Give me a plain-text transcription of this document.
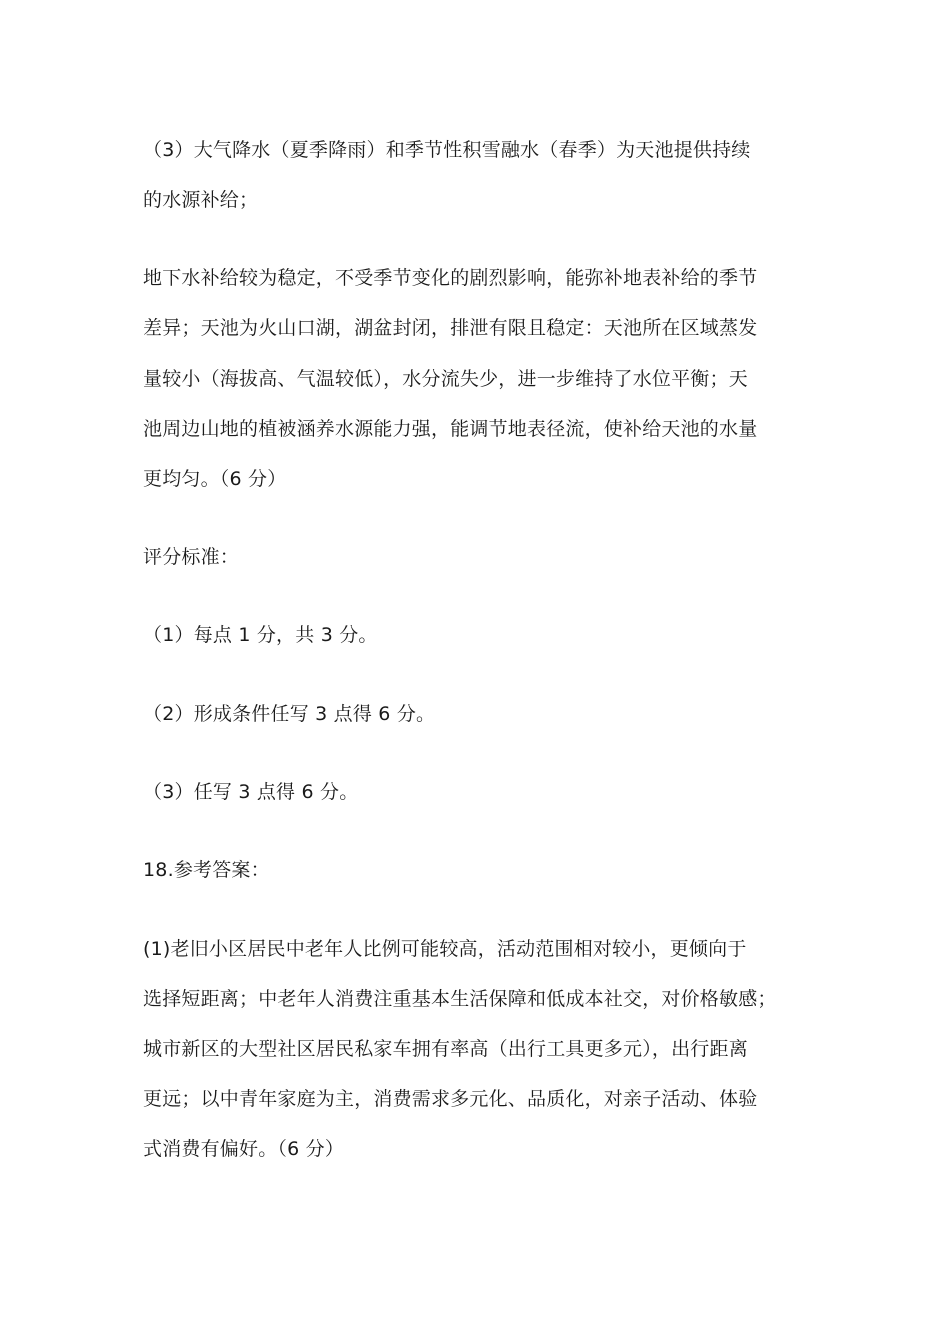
（3）大气降水（夏季降雨）和季节性积雪融水（春季）为天池提供持续
的水源补给；
地下水补给较为稳定，不受季节变化的剧烈影响，能弥补地表补给的季节
差异；天池为火山口湖，湖盆封闭，排泄有限且稳定：天池所在区域蒸发
量较小（海拔高、气温较低），水分流失少，进一步维持了水位平衡；天
池周边山地的植被涵养水源能力强，能调节地表径流，使补给天池的水量
更均匀。（6 分）
评分标准：
（1）每点 1 分，共 3 分。
（2）形成条件任写 3 点得 6 分。
（3）任写 3 点得 6 分。
18.参考答案：
(1)老旧小区居民中老年人比例可能较高，活动范围相对较小，更倾向于
选择短距离；中老年人消费注重基本生活保障和低成本社交，对价格敏感；
城市新区的大型社区居民私家车拥有率高（出行工具更多元），出行距离
更远；以中青年家庭为主，消费需求多元化、品质化，对亲子活动、体验
式消费有偏好。（6 分）
